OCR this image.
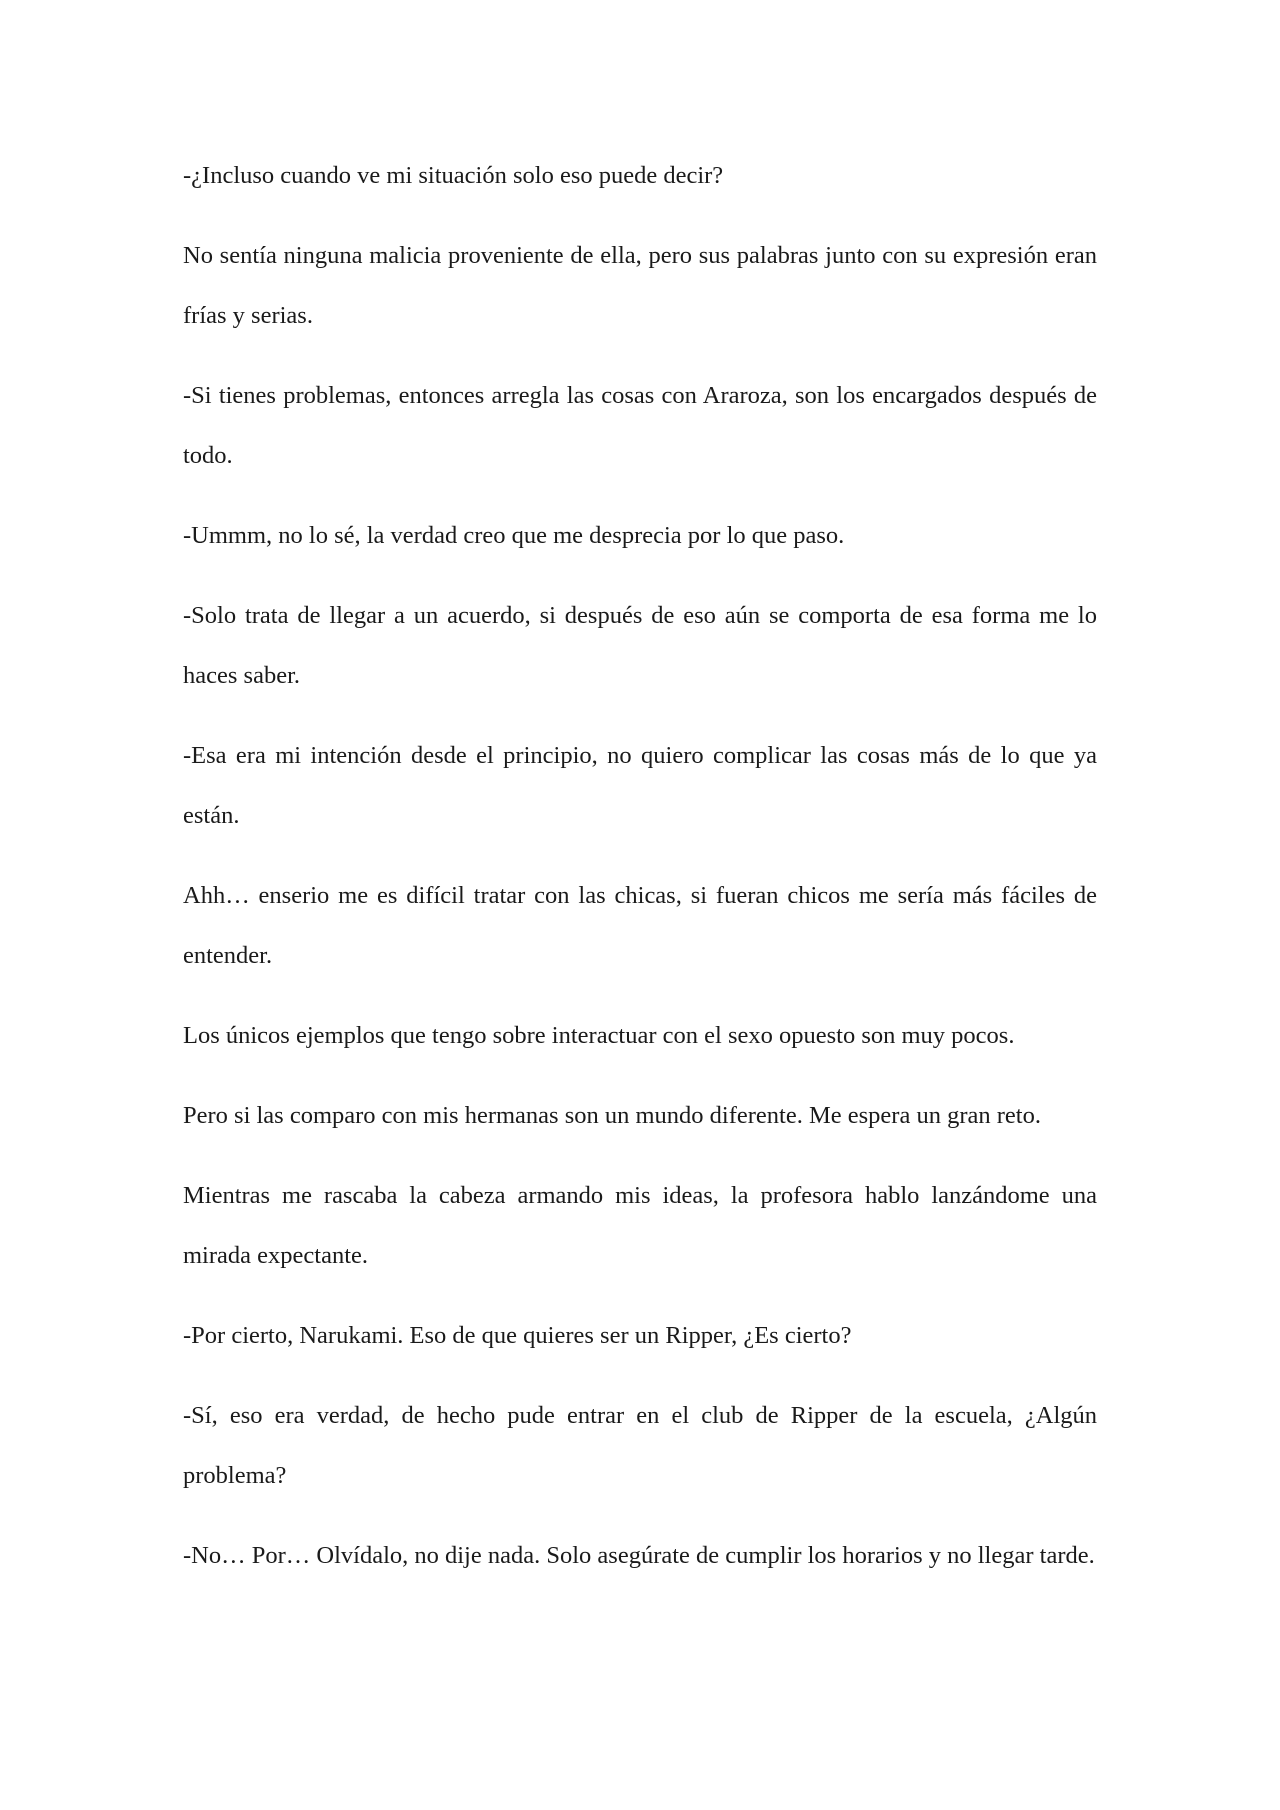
-¿Incluso cuando ve mi situación solo eso puede decir?

No sentía ninguna malicia proveniente de ella, pero sus palabras junto con su expresión eran frías y serias.

-Si tienes problemas, entonces arregla las cosas con Araroza, son los encargados después de todo.

-Ummm, no lo sé, la verdad creo que me desprecia por lo que paso.

-Solo trata de llegar a un acuerdo, si después de eso aún se comporta de esa forma me lo haces saber.

-Esa era mi intención desde el principio, no quiero complicar las cosas más de lo que ya están.

Ahh… enserio me es difícil tratar con las chicas, si fueran chicos me sería más fáciles de entender.

Los únicos ejemplos que tengo sobre interactuar con el sexo opuesto son muy pocos.

Pero si las comparo con mis hermanas son un mundo diferente. Me espera un gran reto.

Mientras me rascaba la cabeza armando mis ideas, la profesora hablo lanzándome una mirada expectante.

-Por cierto, Narukami. Eso de que quieres ser un Ripper, ¿Es cierto?

-Sí, eso era verdad, de hecho pude entrar en el club de Ripper de la escuela, ¿Algún problema?

-No… Por… Olvídalo, no dije nada. Solo asegúrate de cumplir los horarios y no llegar tarde.
